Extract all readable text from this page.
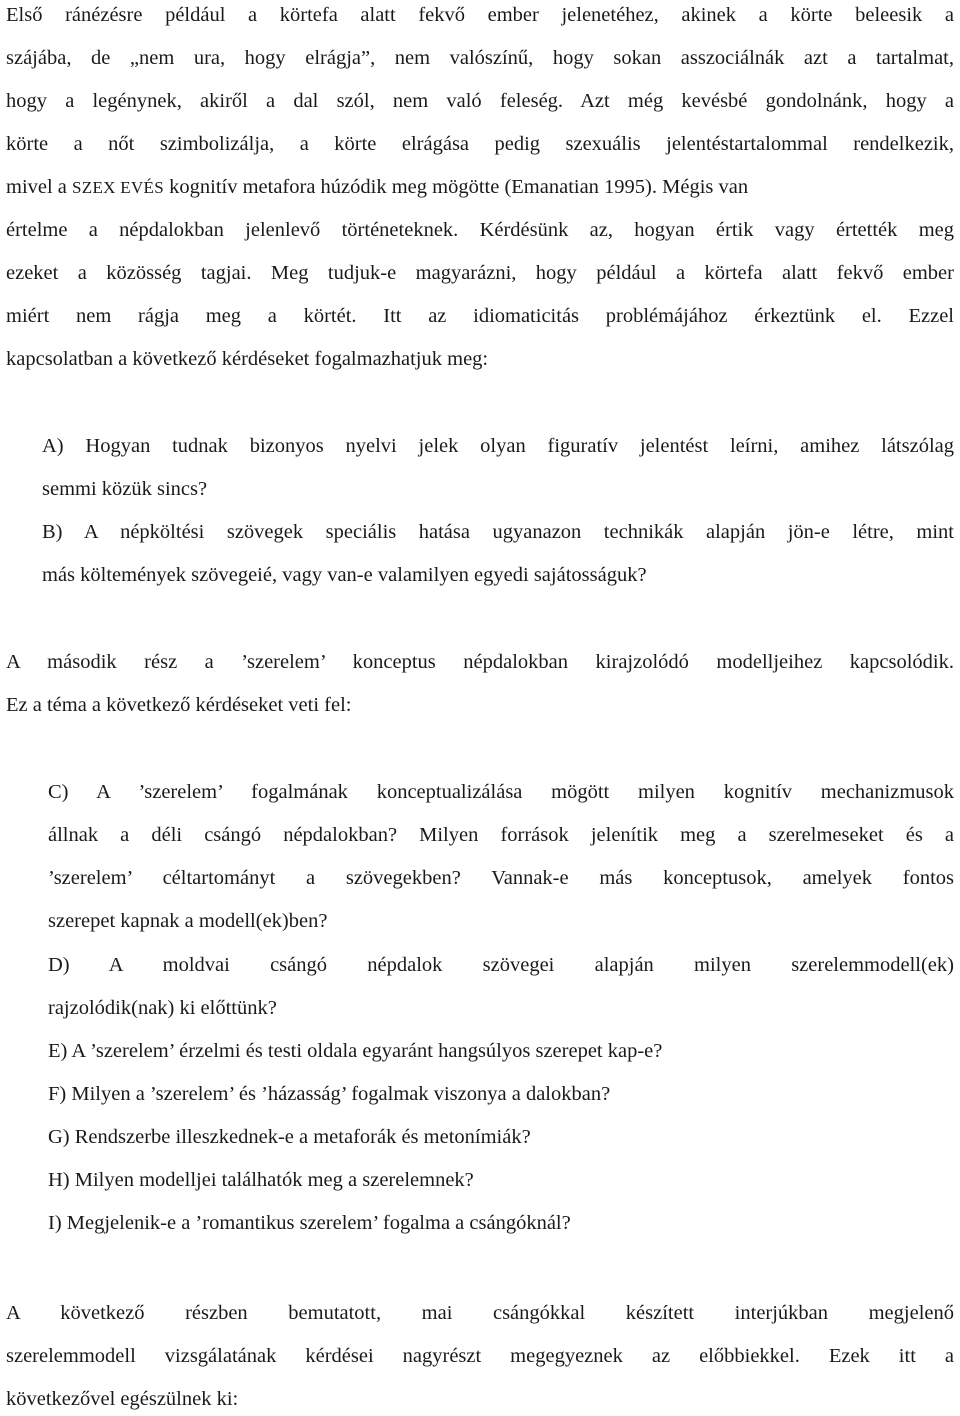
Első ránézésre például a körtefa alatt fekvő ember jelenetéhez, akinek a körte beleesik a
szájába, de „nem ura, hogy elrágja”, nem valószínű, hogy sokan asszociálnák azt a tartalmat,
hogy a legénynek, akiről a dal szól, nem való feleség. Azt még kevésbé gondolnánk, hogy a
körte a nőt szimbolizálja, a körte elrágása pedig szexuális jelentéstartalommal rendelkezik,
mivel a SZEX EVÉS kognitív metafora húzódik meg mögötte (Emanatian 1995). Mégis van
értelme a népdalokban jelenlevő történeteknek. Kérdésünk az, hogyan értik vagy értették meg
ezeket a közösség tagjai. Meg tudjuk-e magyarázni, hogy például a körtefa alatt fekvő ember
miért nem rágja meg a körtét. Itt az idiomaticitás problémájához érkeztünk el. Ezzel
kapcsolatban a következő kérdéseket fogalmazhatjuk meg:
A) Hogyan tudnak bizonyos nyelvi jelek olyan figuratív jelentést leírni, amihez látszólag
semmi közük sincs?
B) A népköltési szövegek speciális hatása ugyanazon technikák alapján jön-e létre, mint
más költemények szövegeié, vagy van-e valamilyen egyedi sajátosságuk?
A második rész a ’szerelem’ konceptus népdalokban kirajzolódó modelljeihez kapcsolódik.
Ez a téma a következő kérdéseket veti fel:
C) A ’szerelem’ fogalmának konceptualizálása mögött milyen kognitív mechanizmusok
állnak a déli csángó népdalokban? Milyen források jelenítik meg a szerelmeseket és a
’szerelem’ céltartományt a szövegekben? Vannak-e más konceptusok, amelyek fontos
szerepet kapnak a modell(ek)ben?
D) A moldvai csángó népdalok szövegei alapján milyen szerelemmodell(ek)
rajzolódik(nak) ki előttünk?
E) A ’szerelem’ érzelmi és testi oldala egyaránt hangsúlyos szerepet kap-e?
F) Milyen a ’szerelem’ és ’házasság’ fogalmak viszonya a dalokban?
G) Rendszerbe illeszkednek-e a metaforák és metonímiák?
H) Milyen modelljei találhatók meg a szerelemnek?
I) Megjelenik-e a ’romantikus szerelem’ fogalma a csángóknál?
A következő részben bemutatott, mai csángókkal készített interjúkban megjelenő
szerelemmodell vizsgálatának kérdései nagyrészt megegyeznek az előbbiekkel. Ezek itt a
következővel egészülnek ki:
